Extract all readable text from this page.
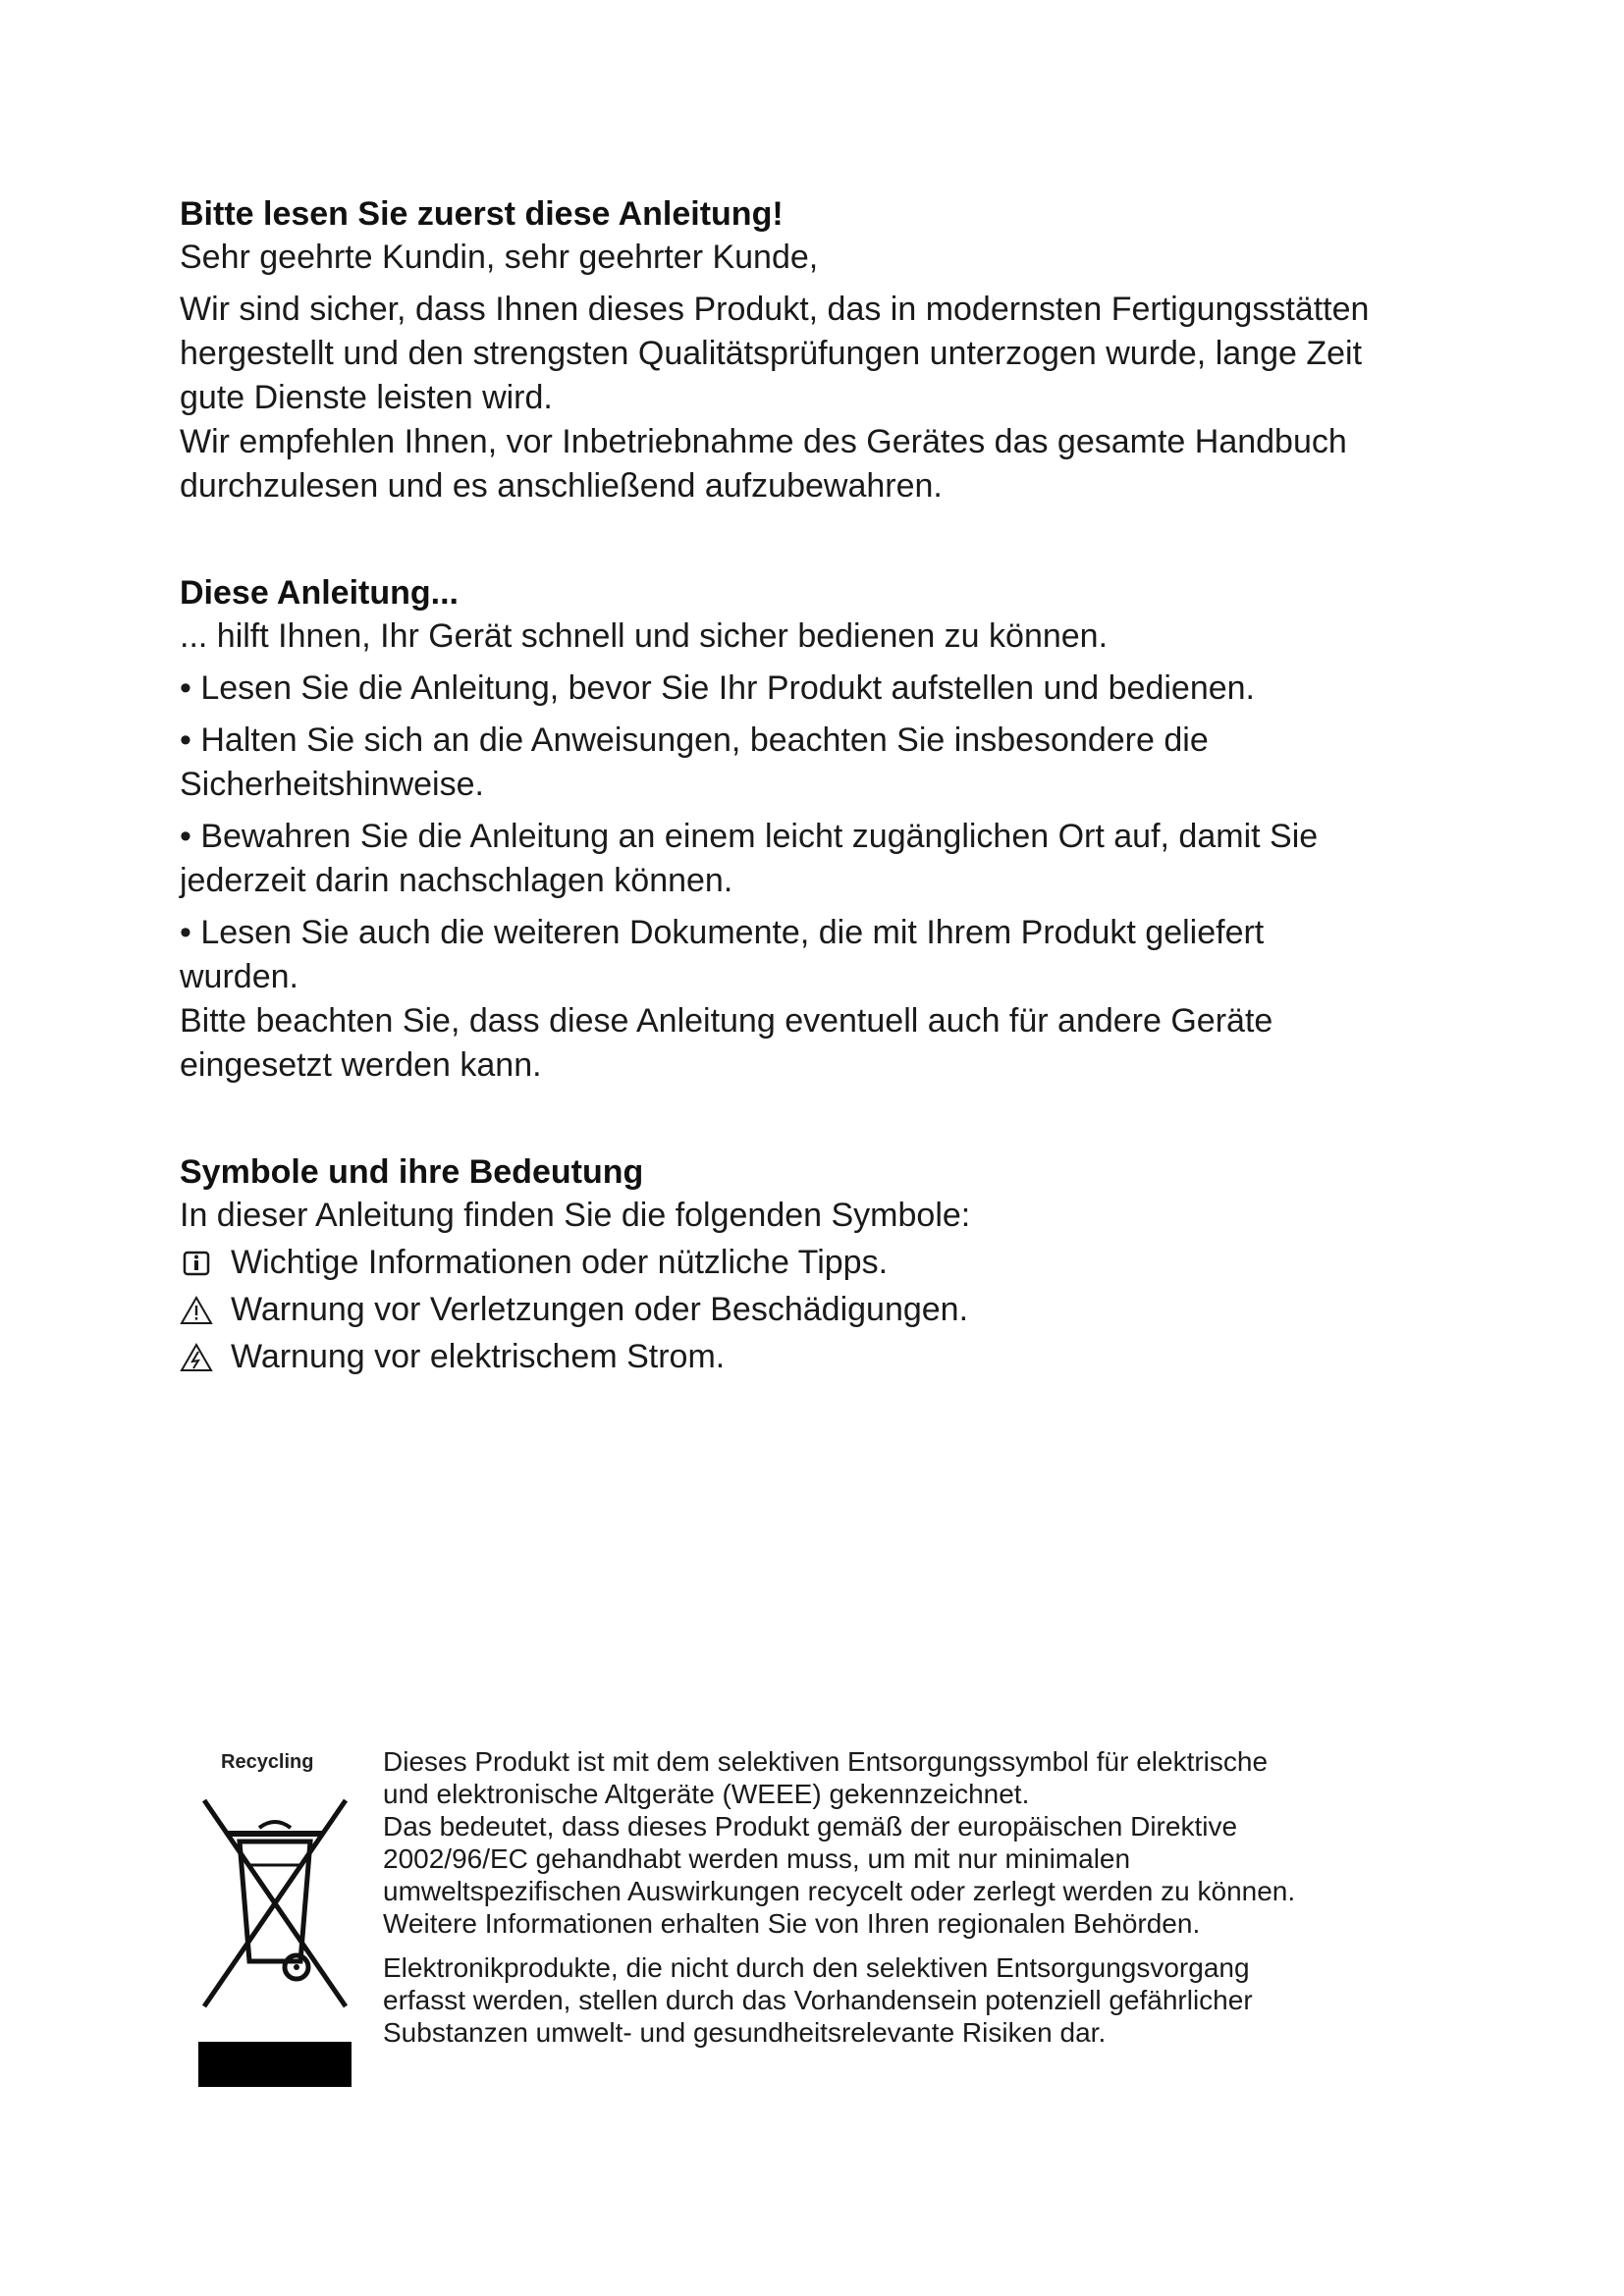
Bitte lesen Sie zuerst diese Anleitung!

Sehr geehrte Kundin, sehr geehrter Kunde,

Wir sind sicher, dass Ihnen dieses Produkt, das in modernsten Fertigungsstätten

hergestellt und den strengsten Qualitätsprüfungen unterzogen wurde, lange Zeit

gute Dienste leisten wird.

Wir empfehlen Ihnen, vor Inbetriebnahme des Gerätes das gesamte Handbuch

durchzulesen und es anschließend aufzubewahren.

Diese Anleitung...

... hilft Ihnen, Ihr Gerät schnell und sicher bedienen zu können.

• Lesen Sie die Anleitung, bevor Sie Ihr Produkt aufstellen und bedienen.

• Halten Sie sich an die Anweisungen, beachten Sie insbesondere die

Sicherheitshinweise.

• Bewahren Sie die Anleitung an einem leicht zugänglichen Ort auf, damit Sie

jederzeit darin nachschlagen können.

• Lesen Sie auch die weiteren Dokumente, die mit Ihrem Produkt geliefert

wurden.

Bitte beachten Sie, dass diese Anleitung eventuell auch für andere Geräte

eingesetzt werden kann.

Symbole und ihre Bedeutung

In dieser Anleitung finden Sie die folgenden Symbole:

Wichtige Informationen oder nützliche Tipps.
Warnung vor Verletzungen oder Beschädigungen.
Warnung vor elektrischem Strom.
Recycling	Dieses Produkt ist mit dem selektiven Entsorgungssymbol für elektrische

und elektronische Altgeräte (WEEE) gekennzeichnet.

Das bedeutet, dass dieses Produkt gemäß der europäischen Direktive

2002/96/EC gehandhabt werden muss, um mit nur minimalen

umweltspezifischen Auswirkungen recycelt oder zerlegt werden zu können.

Weitere Informationen erhalten Sie von Ihren regionalen Behörden.

Elektronikprodukte, die nicht durch den selektiven Entsorgungsvorgang

erfasst werden, stellen durch das Vorhandensein potenziell gefährlicher

Substanzen umwelt- und gesundheitsrelevante Risiken dar.
